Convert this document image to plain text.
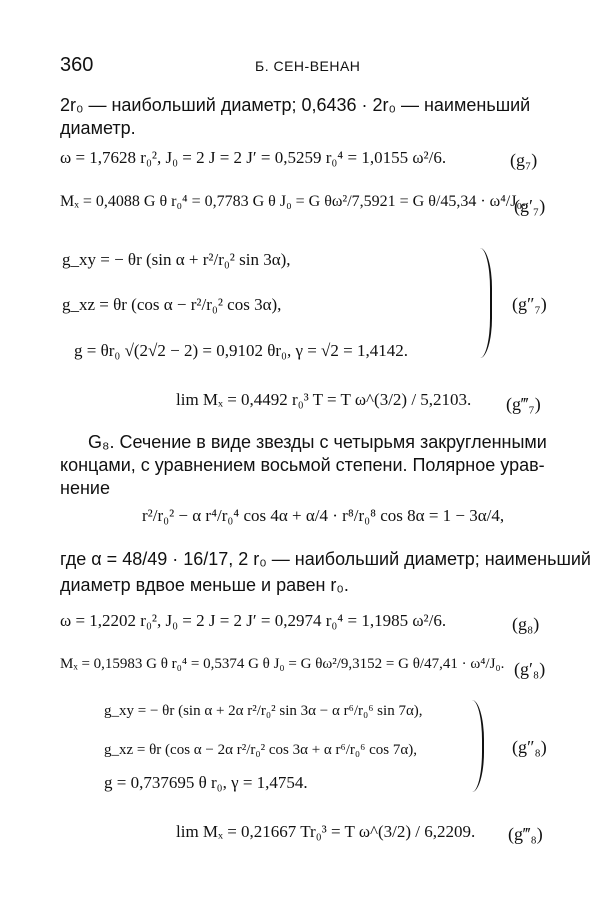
360	Б. СЕН-ВЕНАН
2r₀ — наибольший диаметр; 0,6436 · 2r₀ — наименьший
диаметр.
ω = 1,7628 r₀², J₀ = 2 J = 2 J′ = 0,5259 r₀⁴ = 1,0155 ω²/6.	(g₇)
Mₓ = 0,4088 G θ r₀⁴ = 0,7783 G θ J₀ = G θω²/7,5921 = G θ/45,34 · ω⁴/J₀.
(g′₇)
g_xy = − θr (sin α + r²/r₀² sin 3α),
g_xz = θr (cos α − r²/r₀² cos 3α),
g = θr₀ √(2√2 − 2) = 0,9102 θr₀, γ = √2 = 1,4142.
(g″₇)
lim Mₓ = 0,4492 r₀³ T = T ω^(3/2) / 5,2103. (g‴₇)
G₈. Сечение в виде звезды с четырьмя закругленными
концами, с уравнением восьмой степени. Полярное урав-
нение
r²/r₀² − α r⁴/r₀⁴ cos 4α + α/4 · r⁸/r₀⁸ cos 8α = 1 − 3α/4,
где α = 48/49 · 16/17, 2 r₀ — наибольший диаметр; наименьший
диаметр вдвое меньше и равен r₀.
ω = 1,2202 r₀², J₀ = 2 J = 2 J′ = 0,2974 r₀⁴ = 1,1985 ω²/6.	(g₈)
Mₓ = 0,15983 G θ r₀⁴ = 0,5374 G θ J₀ = G θω²/9,3152 = G θ/47,41 · ω⁴/J₀. (g′₈)
g_xy = − θr (sin α + 2α r²/r₀² sin 3α − α r⁶/r₀⁶ sin 7α),
g_xz = θr (cos α − 2α r²/r₀² cos 3α + α r⁶/r₀⁶ cos 7α),
g = 0,737695 θ r₀, γ = 1,4754.
(g″₈)
lim Mₓ = 0,21667 Tr₀³ = T ω^(3/2) / 6,2209. (g‴₈)
